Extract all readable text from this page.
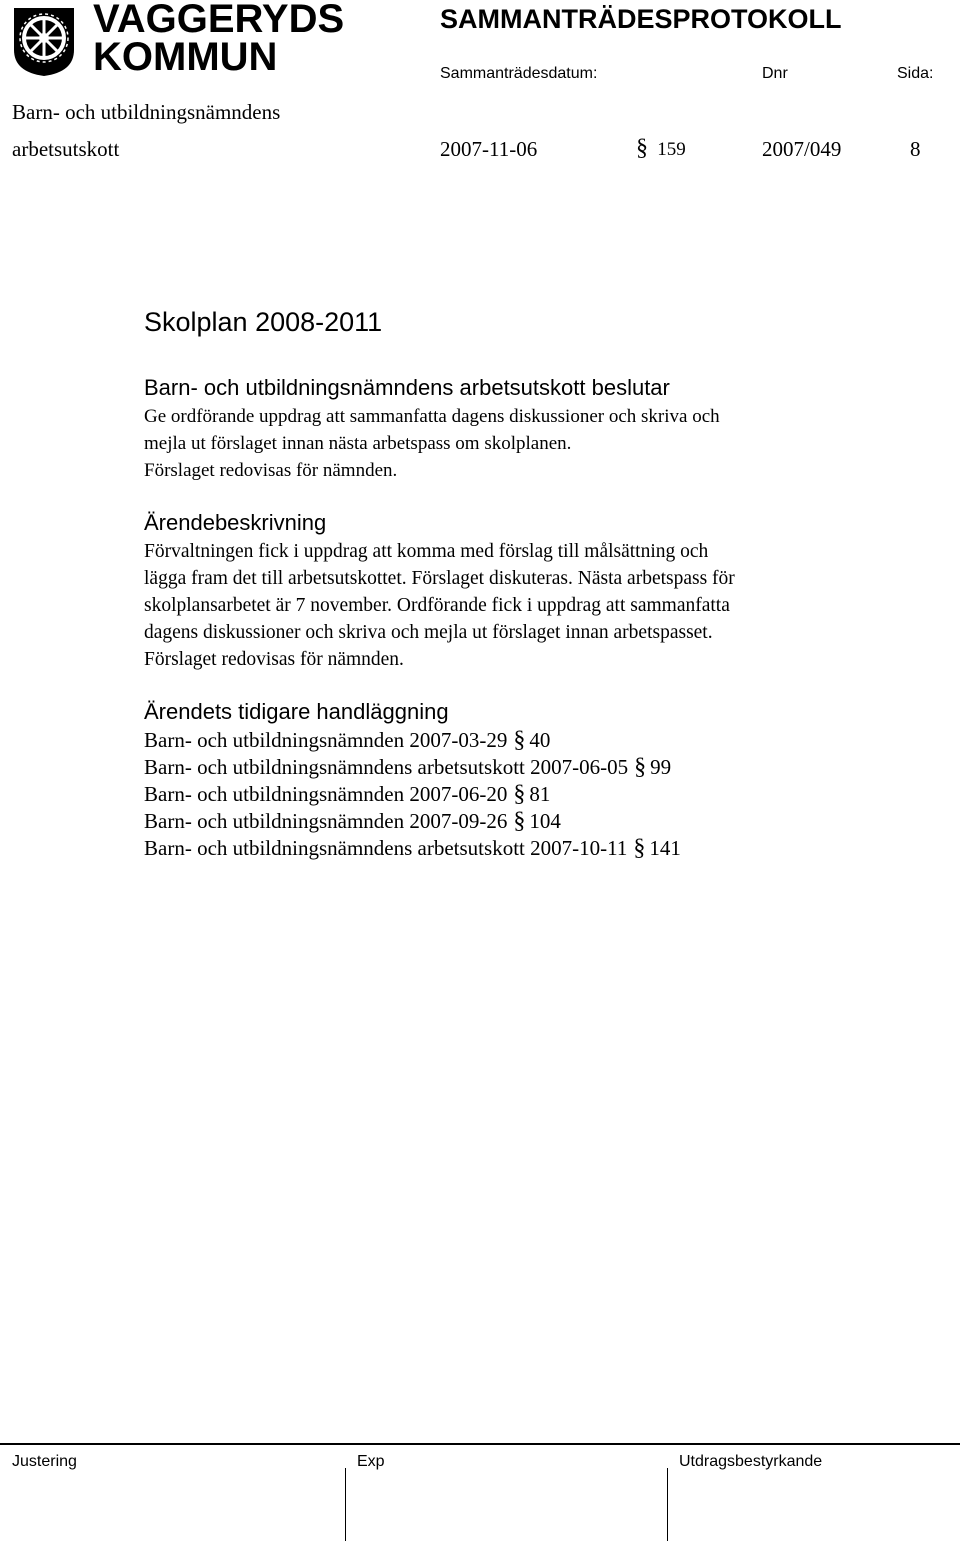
VAGGERYDS
KOMMUN
SAMMANTRÄDESPROTOKOLL
Sammanträdesdatum:	Dnr	Sida:
Barn- och utbildningsnämndens
arbetsutskott	2007-11-06	§ 159	2007/049	8
Skolplan 2008-2011
Barn- och utbildningsnämndens arbetsutskott beslutar

Ge ordförande uppdrag att sammanfatta dagens diskussioner och skriva och

mejla ut förslaget innan nästa arbetspass om skolplanen.

Förslaget redovisas för nämnden.

Ärendebeskrivning

Förvaltningen fick i uppdrag att komma med förslag till målsättning och

lägga fram det till arbetsutskottet. Förslaget diskuteras. Nästa arbetspass för

skolplansarbetet är 7 november. Ordförande fick i uppdrag att sammanfatta

dagens diskussioner och skriva och mejla ut förslaget innan arbetspasset.

Förslaget redovisas för nämnden.

Ärendets tidigare handläggning
Barn- och utbildningsnämnden 2007-03-29 § 40
Barn- och utbildningsnämndens arbetsutskott 2007-06-05 § 99
Barn- och utbildningsnämnden 2007-06-20 § 81
Barn- och utbildningsnämnden 2007-09-26 § 104
Barn- och utbildningsnämndens arbetsutskott 2007-10-11 § 141
Justering	Exp	Utdragsbestyrkande
